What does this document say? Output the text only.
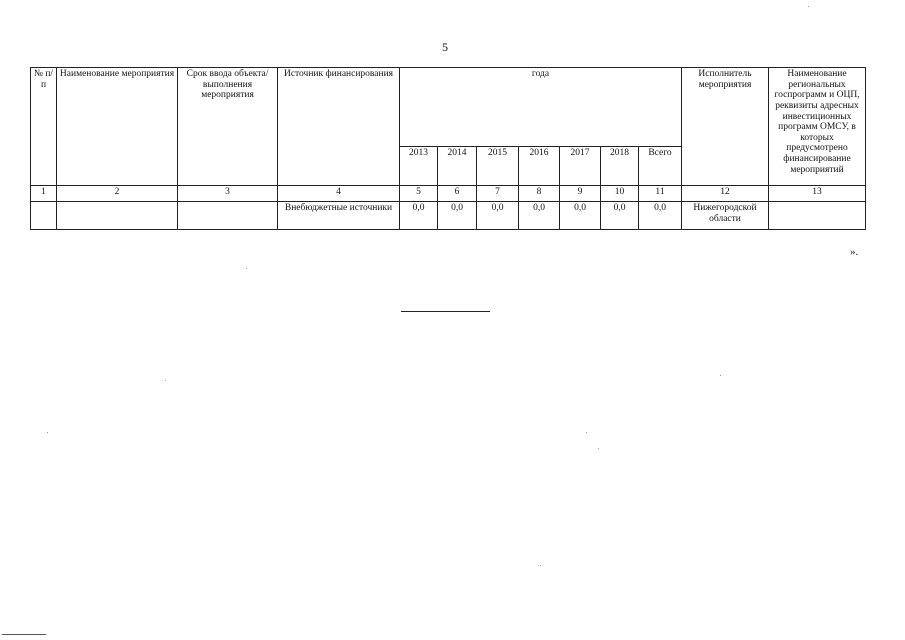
5
№ п/п	Наименование мероприятия	Срок ввода объекта/выполнения мероприятия	Источник финансирования	года							Исполнитель мероприятия	Наименование региональных госпрограмм и ОЦП, реквизиты адресных инвестиционных программ ОМСУ, в которых предусмотрено финансирование мероприятий
				2013	2014	2015	2016	2017	2018	Всего		
1	2	3	4	5	6	7	8	9	10	11	12	13
			Внебюджетные источники	0,0	0,0	0,0	0,0	0,0	0,0	0,0	Нижегородской области	
».
